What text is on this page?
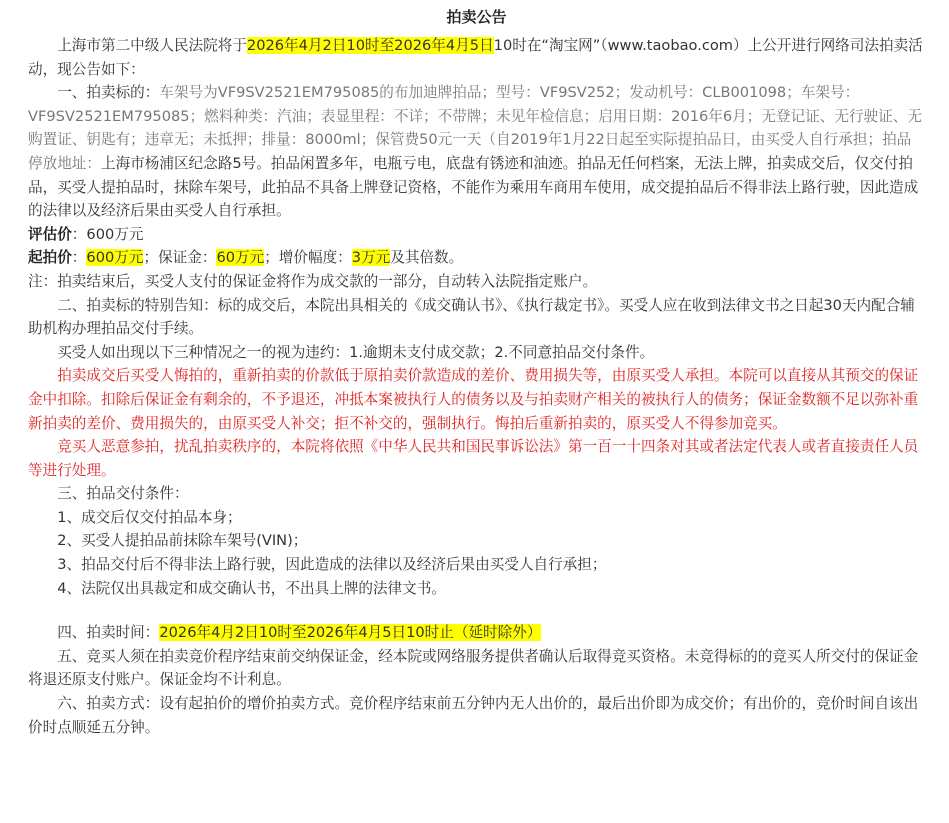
拍卖公告

上海市第二中级人民法院将于2026年4月2日10时至2026年4月5日10时在“淘宝网”（www.taobao.com）上公开进行网络司法拍卖活动，现公告如下：

一、拍卖标的：车架号为VF9SV2521EM795085的布加迪牌拍品；型号：VF9SV252；发动机号：CLB001098；车架号：VF9SV2521EM795085；燃料种类：汽油；表显里程：不详；不带牌；未见年检信息；启用日期：2016年6月；无登记证、无行驶证、无购置证、钥匙有；违章无；未抵押；排量：8000ml；保管费50元一天（自2019年1月22日起至实际提拍品日，由买受人自行承担；拍品停放地址：上海市杨浦区纪念路5号。拍品闲置多年，电瓶亏电，底盘有锈迹和油迹。拍品无任何档案，无法上牌，拍卖成交后，仅交付拍品，买受人提拍品时，抹除车架号，此拍品不具备上牌登记资格，不能作为乘用车商用车使用，成交提拍品后不得非法上路行驶，因此造成的法律以及经济后果由买受人自行承担。

评估价：600万元

起拍价：600万元；保证金：60万元；增价幅度：3万元及其倍数。

注：拍卖结束后，买受人支付的保证金将作为成交款的一部分，自动转入法院指定账户。

二、拍卖标的特别告知：标的成交后，本院出具相关的《成交确认书》、《执行裁定书》。买受人应在收到法律文书之日起30天内配合辅助机构办理拍品交付手续。

买受人如出现以下三种情况之一的视为违约：1.逾期未支付成交款；2.不同意拍品交付条件。

拍卖成交后买受人悔拍的，重新拍卖的价款低于原拍卖价款造成的差价、费用损失等，由原买受人承担。本院可以直接从其预交的保证金中扣除。扣除后保证金有剩余的，不予退还，冲抵本案被执行人的债务以及与拍卖财产相关的被执行人的债务；保证金数额不足以弥补重新拍卖的差价、费用损失的，由原买受人补交；拒不补交的，强制执行。悔拍后重新拍卖的，原买受人不得参加竞买。

竞买人恶意参拍，扰乱拍卖秩序的，本院将依照《中华人民共和国民事诉讼法》第一百一十四条对其或者法定代表人或者直接责任人员等进行处理。

三、拍品交付条件：

1、成交后仅交付拍品本身；

2、买受人提拍品前抹除车架号(VIN)；

3、拍品交付后不得非法上路行驶，因此造成的法律以及经济后果由买受人自行承担；

4、法院仅出具裁定和成交确认书，不出具上牌的法律文书。

四、拍卖时间：2026年4月2日10时至2026年4月5日10时止（延时除外）

五、竞买人须在拍卖竞价程序结束前交纳保证金，经本院或网络服务提供者确认后取得竞买资格。未竞得标的的竞买人所交付的保证金将退还原支付账户。保证金均不计利息。

六、拍卖方式：设有起拍价的增价拍卖方式。竞价程序结束前五分钟内无人出价的，最后出价即为成交价；有出价的，竞价时间自该出价时点顺延五分钟。
